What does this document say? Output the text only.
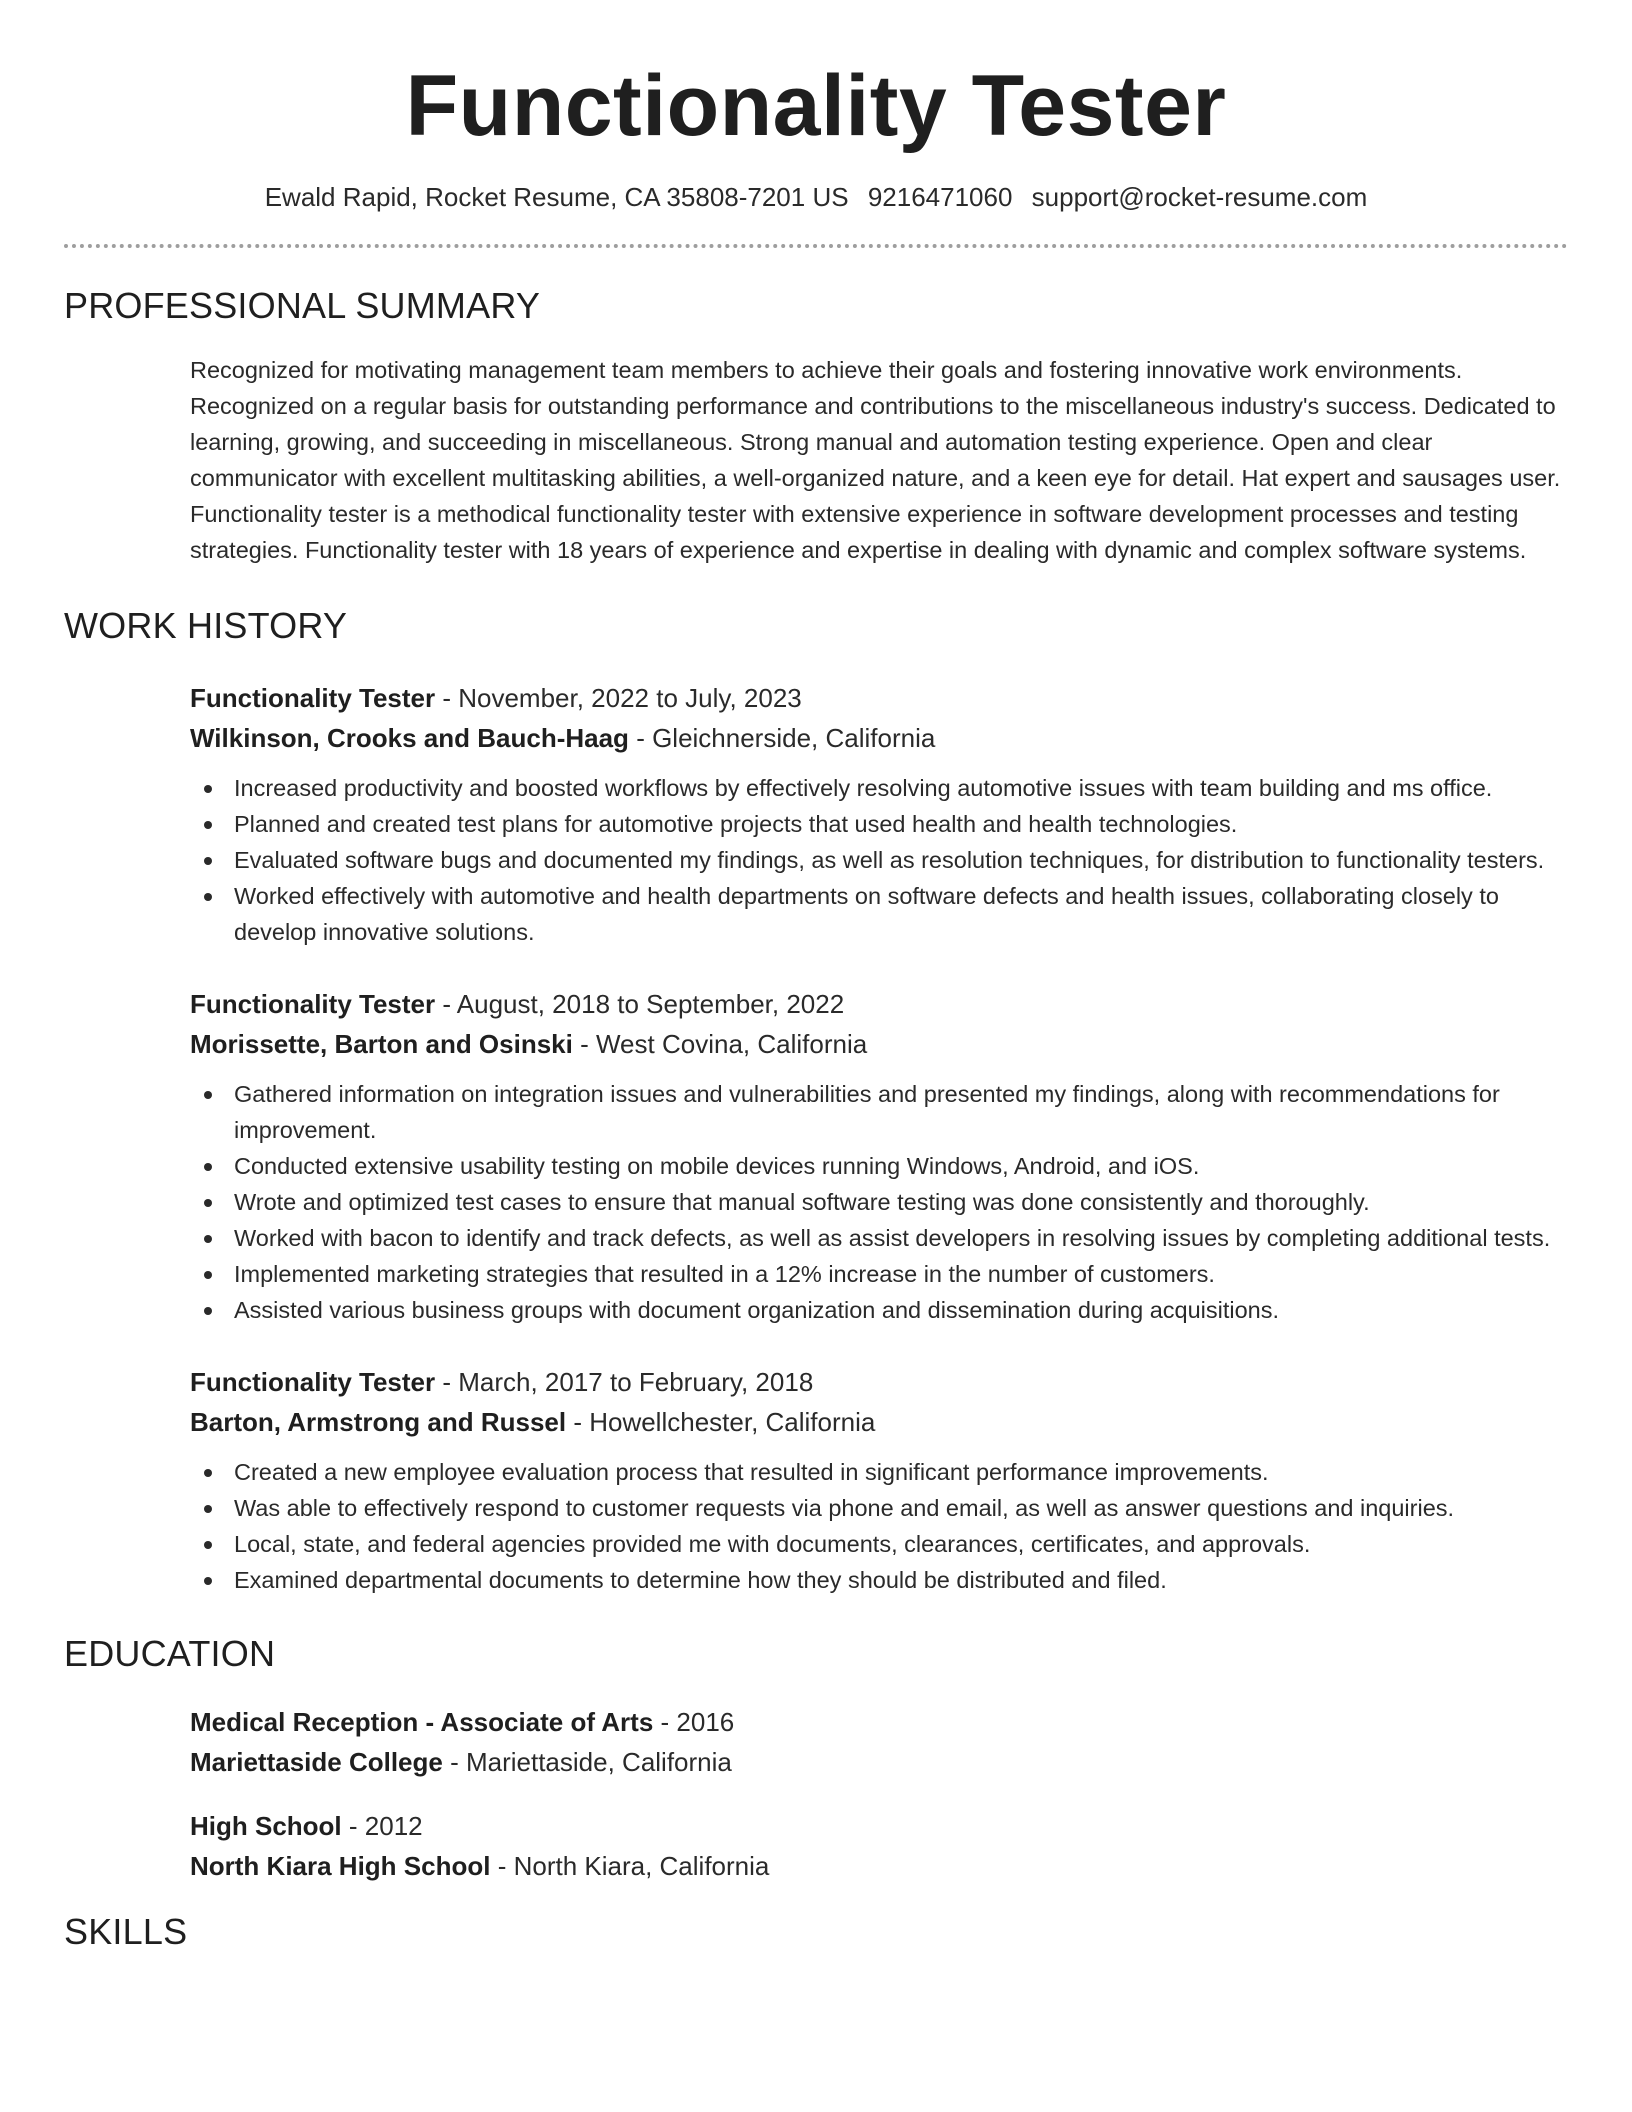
Functionality Tester
Ewald Rapid, Rocket Resume, CA 35808-7201 US 9216471060 support@rocket-resume.com
PROFESSIONAL SUMMARY

Recognized for motivating management team members to achieve their goals and fostering innovative work environments. Recognized on a regular basis for outstanding performance and contributions to the miscellaneous industry's success. Dedicated to learning, growing, and succeeding in miscellaneous. Strong manual and automation testing experience. Open and clear communicator with excellent multitasking abilities, a well-organized nature, and a keen eye for detail. Hat expert and sausages user. Functionality tester is a methodical functionality tester with extensive experience in software development processes and testing strategies. Functionality tester with 18 years of experience and expertise in dealing with dynamic and complex software systems.

WORK HISTORY
Functionality Tester - November, 2022 to July, 2023
Wilkinson, Crooks and Bauch-Haag - Gleichnerside, California
Increased productivity and boosted workflows by effectively resolving automotive issues with team building and ms office.
Planned and created test plans for automotive projects that used health and health technologies.
Evaluated software bugs and documented my findings, as well as resolution techniques, for distribution to functionality testers.
Worked effectively with automotive and health departments on software defects and health issues, collaborating closely to develop innovative solutions.
Functionality Tester - August, 2018 to September, 2022
Morissette, Barton and Osinski - West Covina, California
Gathered information on integration issues and vulnerabilities and presented my findings, along with recommendations for improvement.
Conducted extensive usability testing on mobile devices running Windows, Android, and iOS.
Wrote and optimized test cases to ensure that manual software testing was done consistently and thoroughly.
Worked with bacon to identify and track defects, as well as assist developers in resolving issues by completing additional tests.
Implemented marketing strategies that resulted in a 12% increase in the number of customers.
Assisted various business groups with document organization and dissemination during acquisitions.
Functionality Tester - March, 2017 to February, 2018
Barton, Armstrong and Russel - Howellchester, California
Created a new employee evaluation process that resulted in significant performance improvements.
Was able to effectively respond to customer requests via phone and email, as well as answer questions and inquiries.
Local, state, and federal agencies provided me with documents, clearances, certificates, and approvals.
Examined departmental documents to determine how they should be distributed and filed.
EDUCATION
Medical Reception - Associate of Arts - 2016
Mariettaside College - Mariettaside, California
High School - 2012
North Kiara High School - North Kiara, California
SKILLS
